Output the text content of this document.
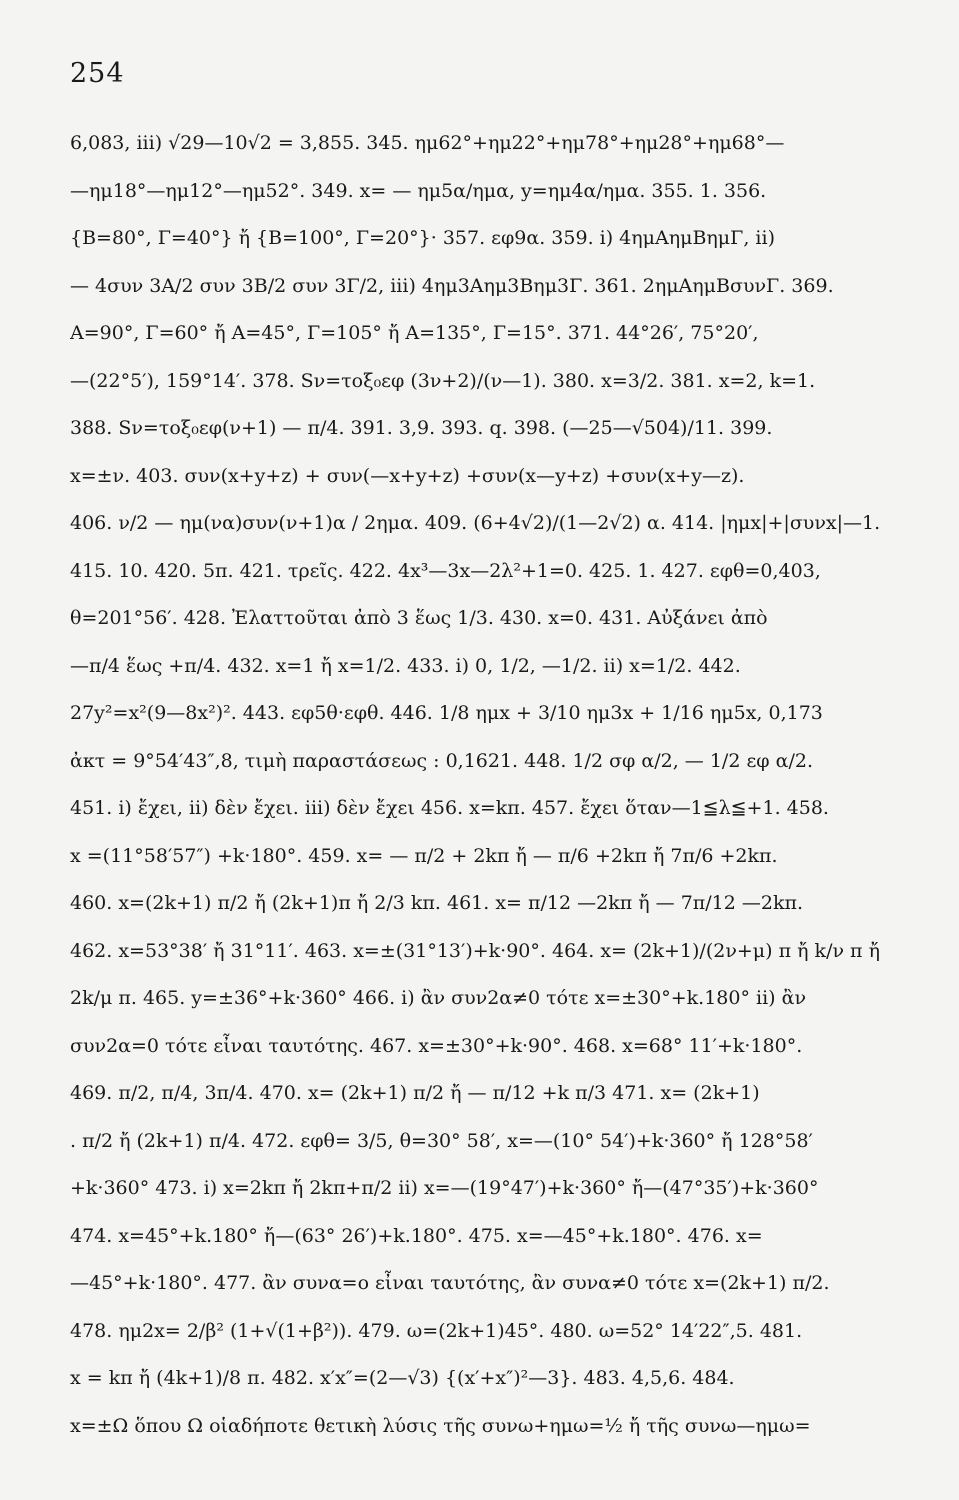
254
6,083, iii) √29—10√2 = 3,855. 345. ημ62°+ημ22°+ημ78°+ημ28°+ημ68°—
—ημ18°—ημ12°—ημ52°. 349. x= — ημ5α/ημα, y=ημ4α/ημα. 355. 1. 356.
{Β=80°, Γ=40°} ἤ {Β=100°, Γ=20°}· 357. εφ9α. 359. i) 4ημΑημΒημΓ, ii)
— 4συν 3Α/2 συν 3Β/2 συν 3Γ/2, iii) 4ημ3Αημ3Βημ3Γ. 361. 2ημΑημΒσυνΓ. 369.
Α=90°, Γ=60° ἤ Α=45°, Γ=105° ἤ Α=135°, Γ=15°. 371. 44°26′, 75°20′,
—(22°5′), 159°14′. 378. Sν=τοξ₀εφ (3ν+2)/(ν—1). 380. x=3/2. 381. x=2, k=1.
388. Sν=τοξ₀εφ(ν+1) — π/4. 391. 3,9. 393. q. 398. (—25—√504)/11. 399.
x=±ν. 403. συν(x+y+z) + συν(—x+y+z) +συν(x—y+z) +συν(x+y—z).
406. ν/2 — ημ(να)συν(ν+1)α / 2ημα. 409. (6+4√2)/(1—2√2) α. 414. |ημx|+|συνx|—1.
415. 10. 420. 5π. 421. τρεῖς. 422. 4x³—3x—2λ²+1=0. 425. 1. 427. εφθ=0,403,
θ=201°56′. 428. Ἐλαττοῦται ἀπὸ 3 ἕως 1/3. 430. x=0. 431. Αὐξάνει ἀπὸ
—π/4 ἕως +π/4. 432. x=1 ἤ x=1/2. 433. i) 0, 1/2, —1/2. ii) x=1/2. 442.
27y²=x²(9—8x²)². 443. εφ5θ·εφθ. 446. 1/8 ημx + 3/10 ημ3x + 1/16 ημ5x, 0,173
ἀκτ = 9°54′43″,8, τιμὴ παραστάσεως : 0,1621. 448. 1/2 σφ α/2, — 1/2 εφ α/2.
451. i) ἔχει, ii) δὲν ἔχει. iii) δὲν ἔχει 456. x=kπ. 457. ἔχει ὅταν—1≦λ≦+1. 458.
x =(11°58′57″) +k·180°. 459. x= — π/2 + 2kπ ἤ — π/6 +2kπ ἤ 7π/6 +2kπ.
460. x=(2k+1) π/2 ἤ (2k+1)π ἤ 2/3 kπ. 461. x= π/12 —2kπ ἤ — 7π/12 —2kπ.
462. x=53°38′ ἤ 31°11′. 463. x=±(31°13′)+k·90°. 464. x= (2k+1)/(2ν+μ) π ἤ k/ν π ἤ
2k/μ π. 465. y=±36°+k·360° 466. i) ἂν συν2α≠0 τότε x=±30°+k.180° ii) ἂν
συν2α=0 τότε εἶναι ταυτότης. 467. x=±30°+k·90°. 468. x=68° 11′+k·180°.
469. π/2, π/4, 3π/4. 470. x= (2k+1) π/2 ἤ — π/12 +k π/3 471. x= (2k+1)
. π/2 ἤ (2k+1) π/4. 472. εφθ= 3/5, θ=30° 58′, x=—(10° 54′)+k·360° ἤ 128°58′
+k·360° 473. i) x=2kπ ἤ 2kπ+π/2 ii) x=—(19°47′)+k·360° ἤ—(47°35′)+k·360°
474. x=45°+k.180° ἤ—(63° 26′)+k.180°. 475. x=—45°+k.180°. 476. x=
—45°+k·180°. 477. ἂν συνα=ο εἶναι ταυτότης, ἂν συνα≠0 τότε x=(2k+1) π/2.
478. ημ2x= 2/β² (1+√(1+β²)). 479. ω=(2k+1)45°. 480. ω=52° 14′22″,5. 481.
x = kπ ἤ (4k+1)/8 π. 482. x′x″=(2—√3) {(x′+x″)²—3}. 483. 4,5,6. 484.
x=±Ω ὅπου Ω οἱαδήποτε θετικὴ λύσις τῆς συνω+ημω=½ ἤ τῆς συνω—ημω=
